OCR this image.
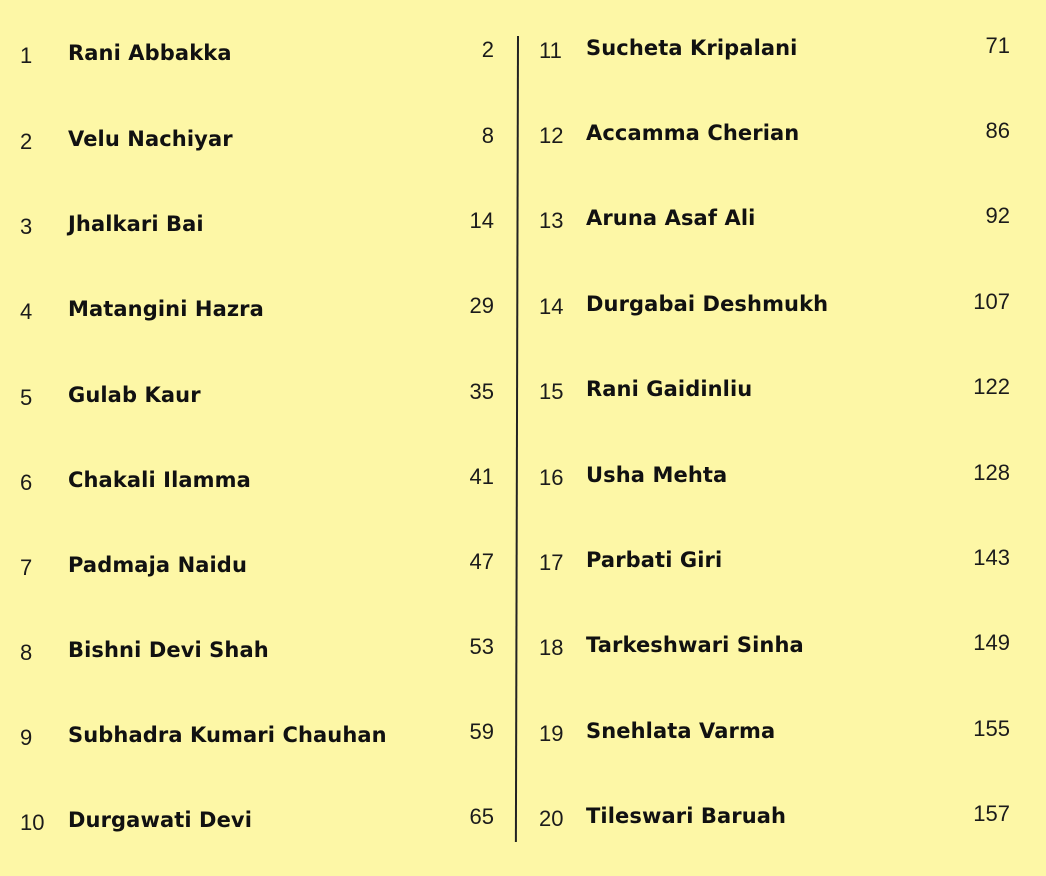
1 Rani Abbakka	2
2 Velu Nachiyar	8
3 Jhalkari Bai	14
4 Matangini Hazra	29
5 Gulab Kaur	35
6 Chakali Ilamma	41
7 Padmaja Naidu	47
8 Bishni Devi Shah	53
9 Subhadra Kumari Chauhan	59
10 Durgawati Devi	65
11 Sucheta Kripalani	71
12 Accamma Cherian	86
13 Aruna Asaf Ali	92
14 Durgabai Deshmukh	107
15 Rani Gaidinliu	122
16 Usha Mehta	128
17 Parbati Giri	143
18 Tarkeshwari Sinha	149
19 Snehlata Varma	155
20 Tileswari Baruah	157
